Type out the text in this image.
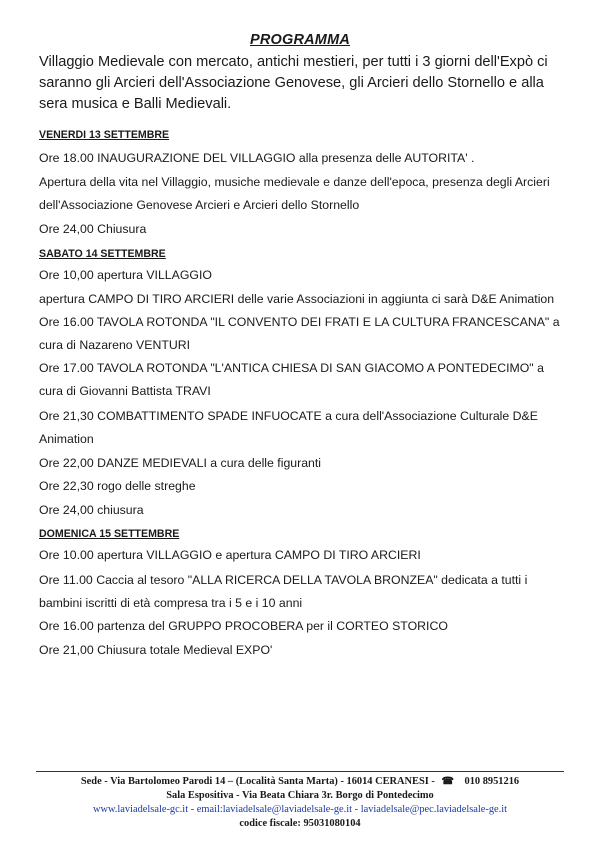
PROGRAMMA
Villaggio Medievale con mercato, antichi mestieri, per tutti i 3 giorni dell'Expò ci saranno gli Arcieri dell'Associazione Genovese, gli Arcieri dello Stornello e alla sera musica e Balli Medievali.
VENERDI 13 SETTEMBRE
Ore 18.00 INAUGURAZIONE DEL VILLAGGIO alla presenza delle AUTORITA' .
Apertura della vita nel Villaggio, musiche medievale e danze dell'epoca, presenza degli Arcieri
dell'Associazione Genovese Arcieri e Arcieri dello Stornello
Ore 24,00 Chiusura
SABATO 14 SETTEMBRE
Ore 10,00 apertura VILLAGGIO
apertura CAMPO DI TIRO ARCIERI delle varie Associazioni in aggiunta ci sarà D&E Animation
Ore 16.00 TAVOLA ROTONDA "IL CONVENTO DEI FRATI E LA CULTURA FRANCESCANA" a
cura di Nazareno VENTURI
Ore 17.00 TAVOLA ROTONDA "L'ANTICA CHIESA DI SAN GIACOMO A PONTEDECIMO" a
cura di Giovanni Battista TRAVI
Ore 21,30 COMBATTIMENTO SPADE INFUOCATE a cura dell'Associazione Culturale D&E
Animation
Ore 22,00 DANZE MEDIEVALI a cura delle figuranti
Ore 22,30 rogo delle streghe
Ore 24,00 chiusura
DOMENICA 15 SETTEMBRE
Ore 10.00 apertura VILLAGGIO e apertura CAMPO DI TIRO ARCIERI
Ore 11.00 Caccia al tesoro "ALLA RICERCA DELLA TAVOLA BRONZEA" dedicata a tutti i
bambini iscritti di età compresa tra i 5 e i 10 anni
Ore 16.00 partenza del GRUPPO PROCOBERA per il CORTEO STORICO
Ore 21,00 Chiusura totale Medieval EXPO'
Sede - Via Bartolomeo Parodi 14 – (Località Santa Marta) - 16014 CERANESI - ☎ 010 8951216
Sala Espositiva - Via Beata Chiara 3r. Borgo di Pontedecimo
www.laviadelsale-gc.it - email:laviadelsale@laviadelsale-ge.it - laviadelsale@pec.laviadelsale-ge.it
codice fiscale: 95031080104
